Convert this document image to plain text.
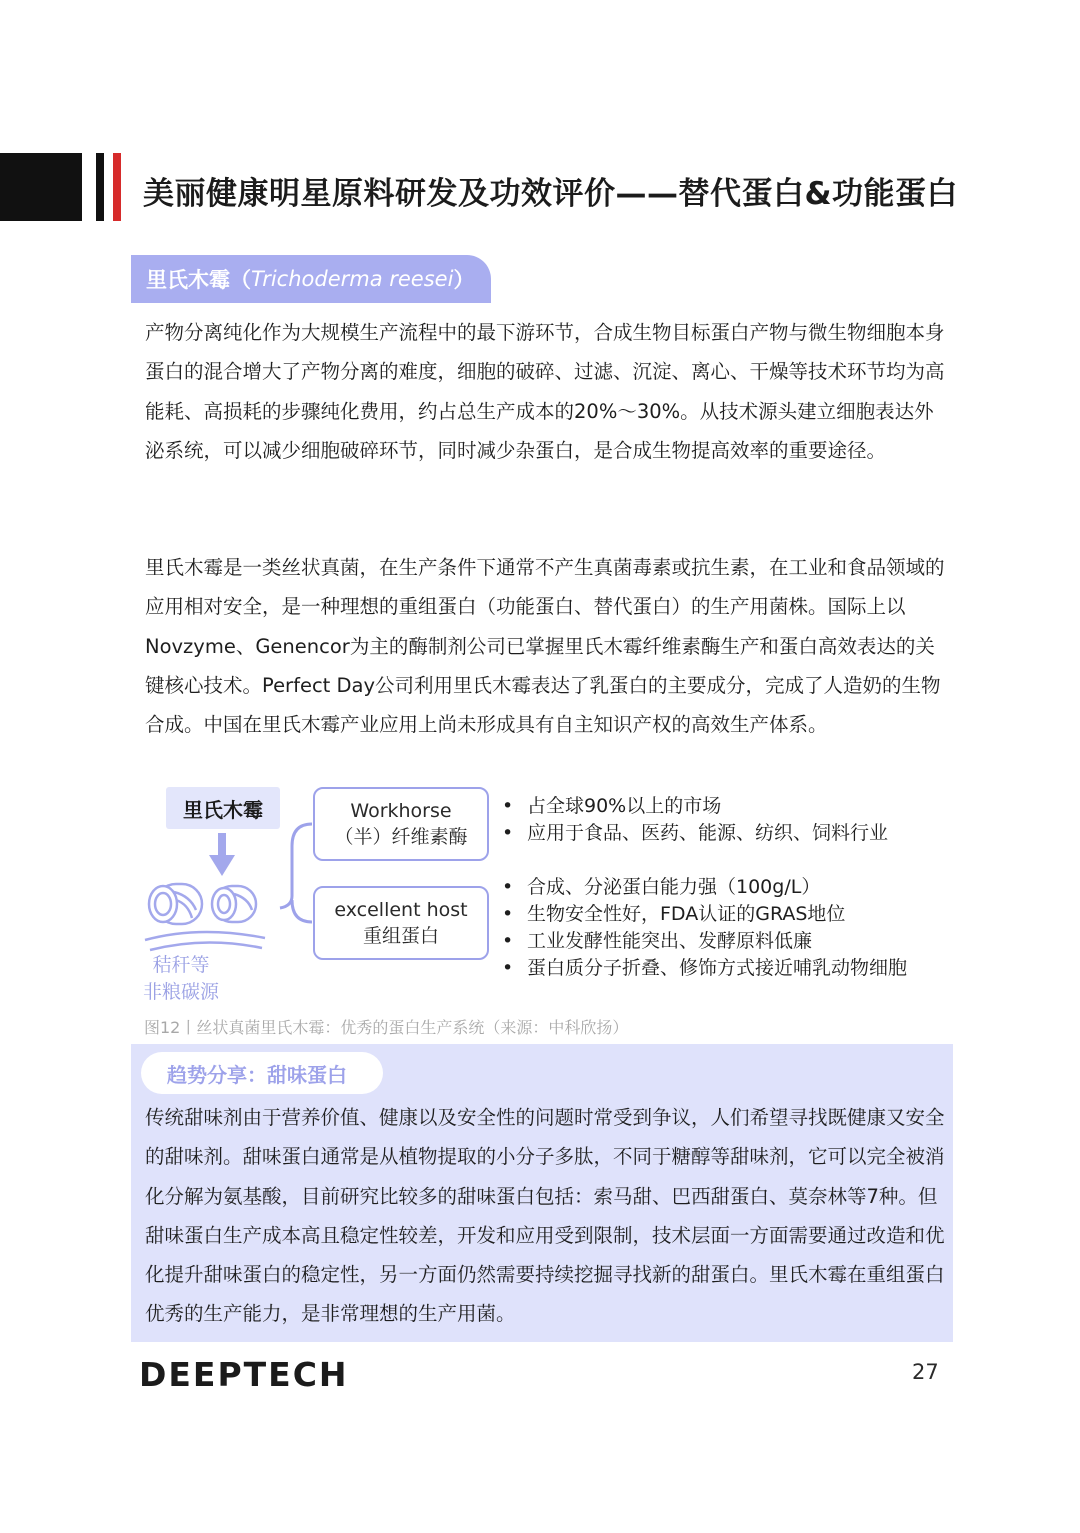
美丽健康明星原料研发及功效评价——替代蛋白&功能蛋白
里氏木霉（ Trichoderma reesei ）
产物分离纯化作为大规模生产流程中的最下游环节，合成生物目标蛋白产物与微生物细胞本身蛋白的混合增大了产物分离的难度，细胞的破碎、过滤、沉淀、离心、干燥等技术环节均为高能耗、高损耗的步骤纯化费用，约占总生产成本的20%～30%。从技术源头建立细胞表达外泌系统，可以减少细胞破碎环节，同时减少杂蛋白，是合成生物提高效率的重要途径。
里氏木霉是一类丝状真菌，在生产条件下通常不产生真菌毒素或抗生素，在工业和食品领域的应用相对安全，是一种理想的重组蛋白（功能蛋白、替代蛋白）的生产用菌株。国际上以Novzyme、Genencor为主的酶制剂公司已掌握里氏木霉纤维素酶生产和蛋白高效表达的关键核心技术。Perfect Day公司利用里氏木霉表达了乳蛋白的主要成分，完成了人造奶的生物合成。中国在里氏木霉产业应用上尚未形成具有自主知识产权的高效生产体系。
里氏木霉
秸秆等
非粮碳源
Workhorse
（半）纤维素酶
excellent host
重组蛋白
• 占全球90%以上的市场
• 应用于食品、医药、能源、纺织、饲料行业
• 合成、分泌蛋白能力强（100g/L）
• 生物安全性好，FDA认证的GRAS地位
• 工业发酵性能突出、发酵原料低廉
• 蛋白质分子折叠、修饰方式接近哺乳动物细胞
图12丨丝状真菌里氏木霉：优秀的蛋白生产系统（来源：中科欣扬）
趋势分享：甜味蛋白
传统甜味剂由于营养价值、健康以及安全性的问题时常受到争议，人们希望寻找既健康又安全的甜味剂。甜味蛋白通常是从植物提取的小分子多肽，不同于糖醇等甜味剂，它可以完全被消化分解为氨基酸，目前研究比较多的甜味蛋白包括：索马甜、巴西甜蛋白、莫奈林等7种。但甜味蛋白生产成本高且稳定性较差，开发和应用受到限制，技术层面一方面需要通过改造和优化提升甜味蛋白的稳定性，另一方面仍然需要持续挖掘寻找新的甜蛋白。里氏木霉在重组蛋白优秀的生产能力，是非常理想的生产用菌。
DEEPTECH	27
